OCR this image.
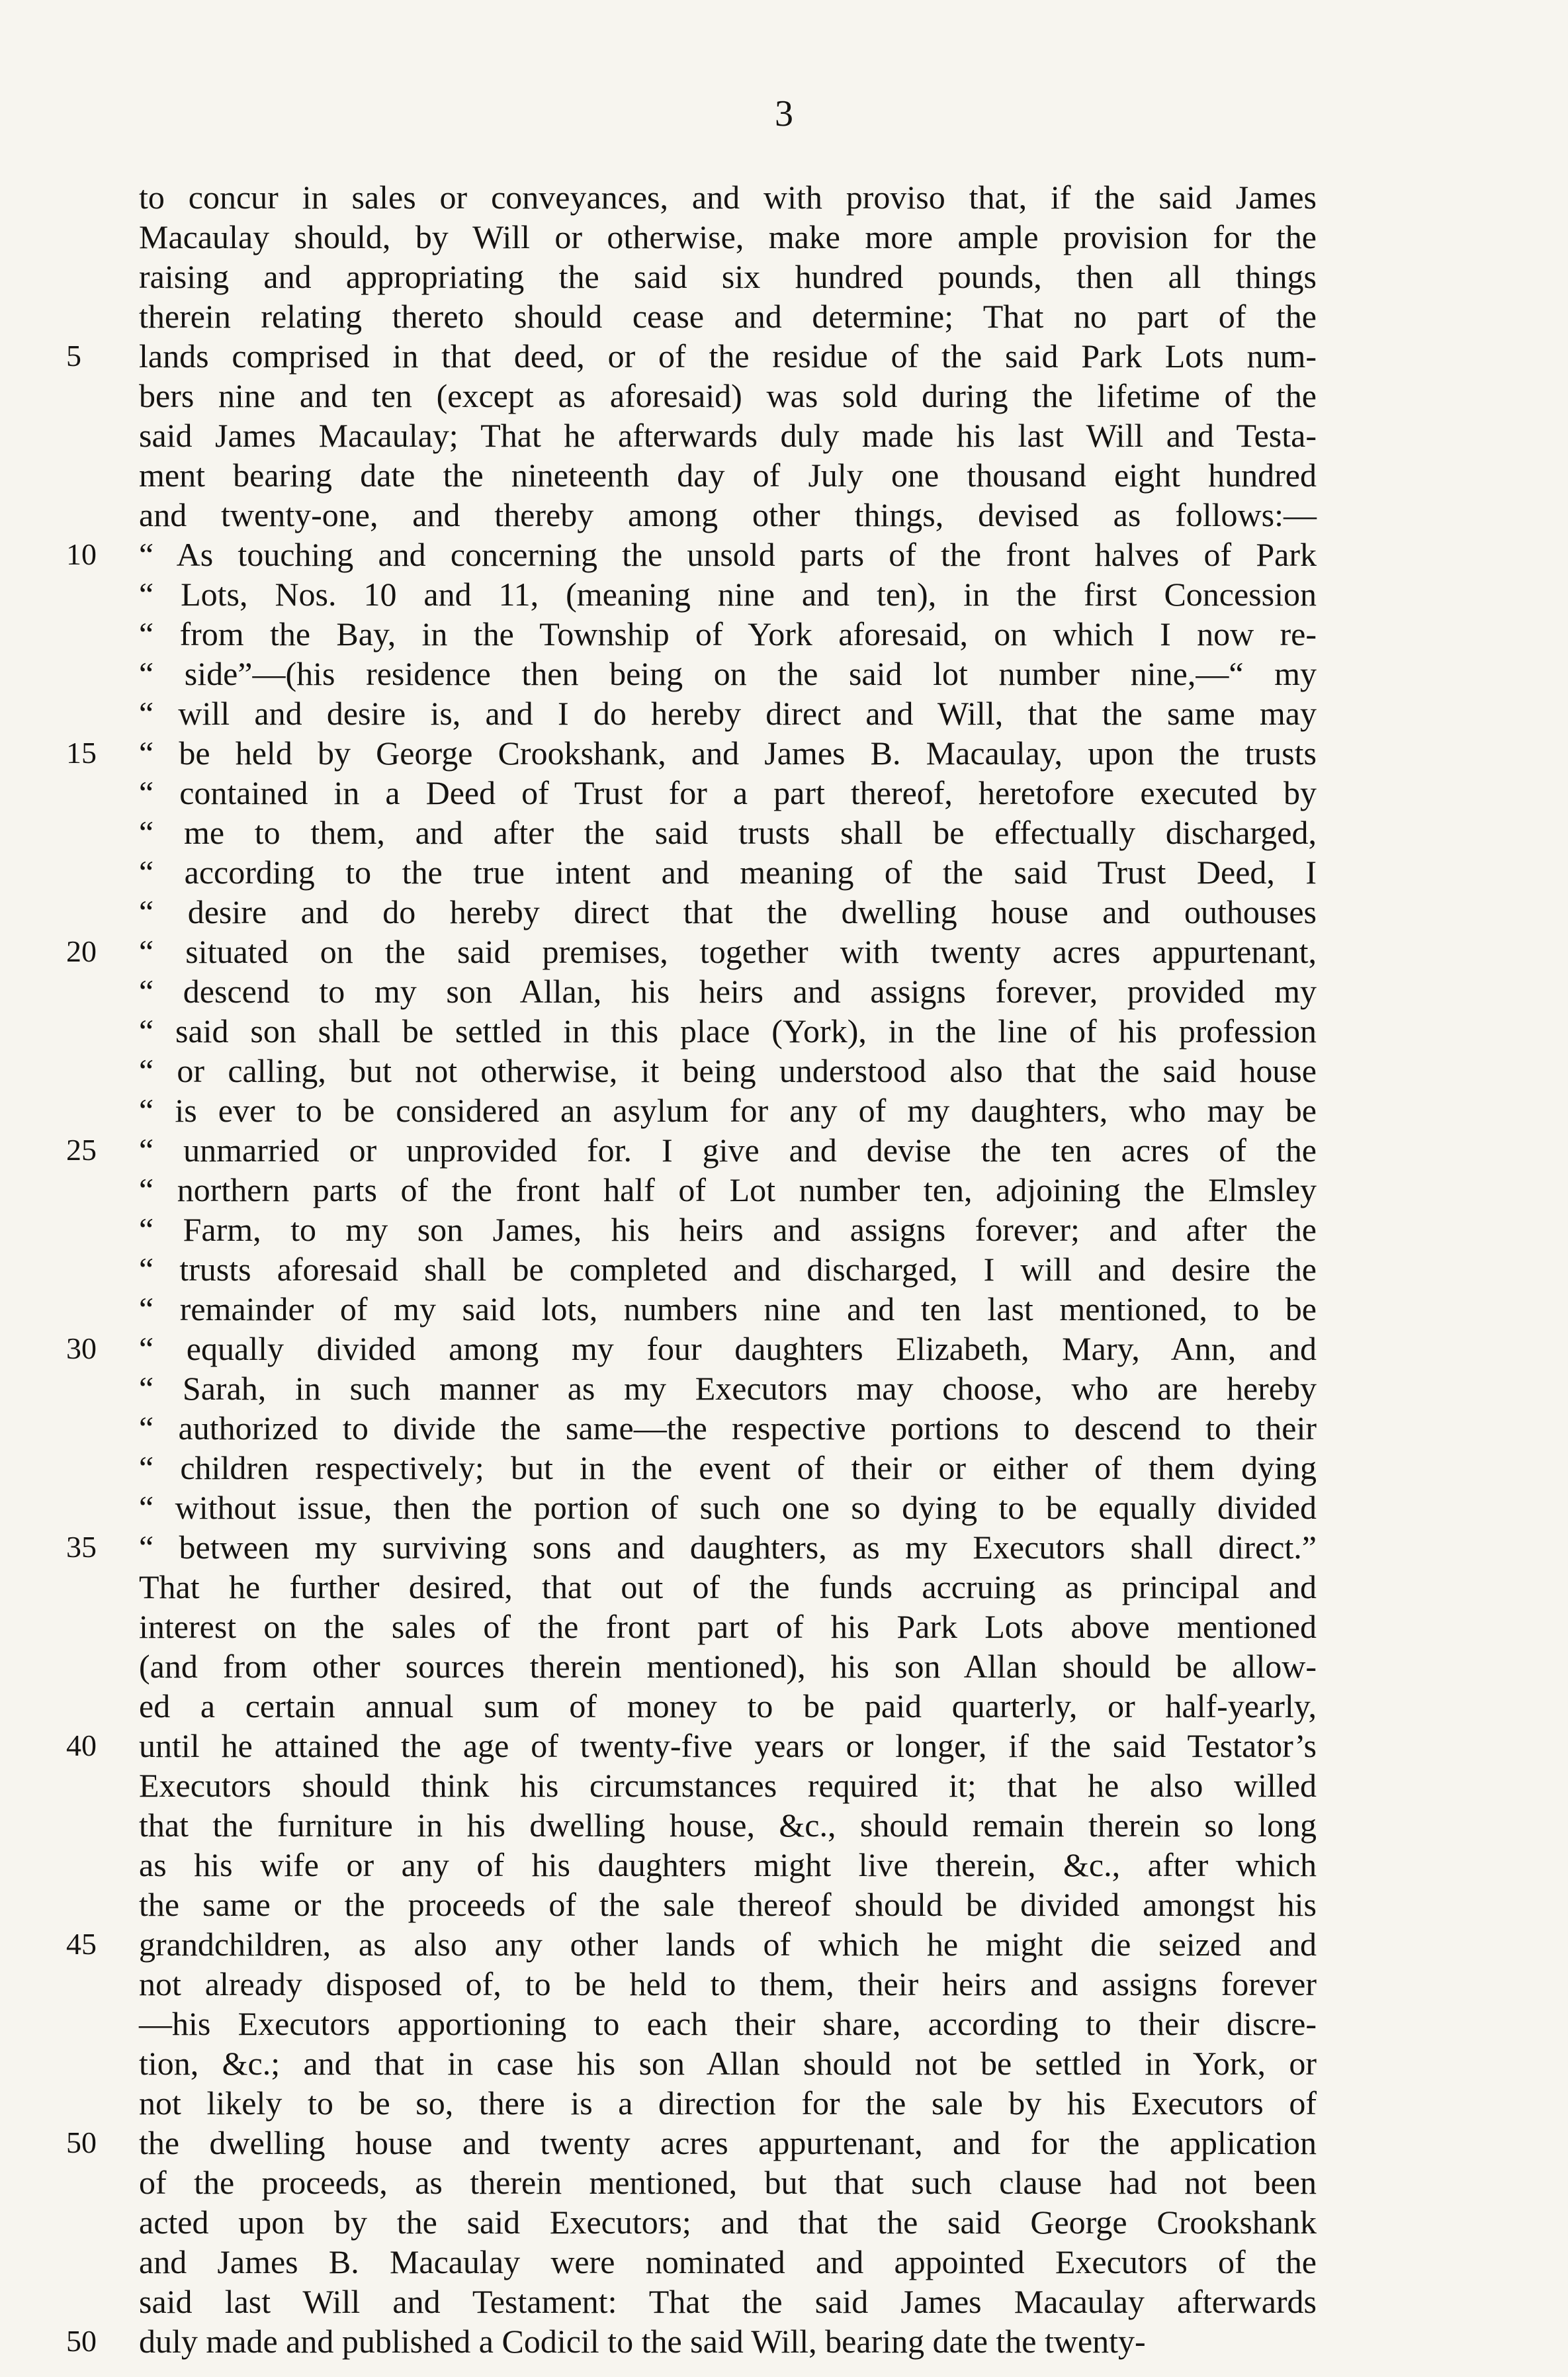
3
to concur in sales or conveyances, and with proviso that, if the said James
Macaulay should, by Will or otherwise, make more ample provision for the
raising and appropriating the said six hundred pounds, then all things
therein relating thereto should cease and determine; That no part of the
5	lands comprised in that deed, or of the residue of the said Park Lots num-
bers nine and ten (except as aforesaid) was sold during the lifetime of the
said James Macaulay; That he afterwards duly made his last Will and Testa-
ment bearing date the nineteenth day of July one thousand eight hundred
and twenty-one, and thereby among other things, devised as follows:—
10	“ As touching and concerning the unsold parts of the front halves of Park
“ Lots, Nos. 10 and 11, (meaning nine and ten), in the first Concession
“ from the Bay, in the Township of York aforesaid, on which I now re-
“ side”—(his residence then being on the said lot number nine,—“ my
“ will and desire is, and I do hereby direct and Will, that the same may
15	“ be held by George Crookshank, and James B. Macaulay, upon the trusts
“ contained in a Deed of Trust for a part thereof, heretofore executed by
“ me to them, and after the said trusts shall be effectually discharged,
“ according to the true intent and meaning of the said Trust Deed, I
“ desire and do hereby direct that the dwelling house and outhouses
20	“ situated on the said premises, together with twenty acres appurtenant,
“ descend to my son Allan, his heirs and assigns forever, provided my
“ said son shall be settled in this place (York), in the line of his profession
“ or calling, but not otherwise, it being understood also that the said house
“ is ever to be considered an asylum for any of my daughters, who may be
25	“ unmarried or unprovided for. I give and devise the ten acres of the
“ northern parts of the front half of Lot number ten, adjoining the Elmsley
“ Farm, to my son James, his heirs and assigns forever; and after the
“ trusts aforesaid shall be completed and discharged, I will and desire the
“ remainder of my said lots, numbers nine and ten last mentioned, to be
30	“ equally divided among my four daughters Elizabeth, Mary, Ann, and
“ Sarah, in such manner as my Executors may choose, who are hereby
“ authorized to divide the same—the respective portions to descend to their
“ children respectively; but in the event of their or either of them dying
“ without issue, then the portion of such one so dying to be equally divided
35	“ between my surviving sons and daughters, as my Executors shall direct.”
That he further desired, that out of the funds accruing as principal and
interest on the sales of the front part of his Park Lots above mentioned
(and from other sources therein mentioned), his son Allan should be allow-
ed a certain annual sum of money to be paid quarterly, or half-yearly,
40	until he attained the age of twenty-five years or longer, if the said Testator’s
Executors should think his circumstances required it; that he also willed
that the furniture in his dwelling house, &c., should remain therein so long
as his wife or any of his daughters might live therein, &c., after which
the same or the proceeds of the sale thereof should be divided amongst his
45	grandchildren, as also any other lands of which he might die seized and
not already disposed of, to be held to them, their heirs and assigns forever
—his Executors apportioning to each their share, according to their discre-
tion, &c.; and that in case his son Allan should not be settled in York, or
not likely to be so, there is a direction for the sale by his Executors of
50	the dwelling house and twenty acres appurtenant, and for the application
of the proceeds, as therein mentioned, but that such clause had not been
acted upon by the said Executors; and that the said George Crookshank
and James B. Macaulay were nominated and appointed Executors of the
said last Will and Testament: That the said James Macaulay afterwards
50	duly made and published a Codicil to the said Will, bearing date the twenty-
